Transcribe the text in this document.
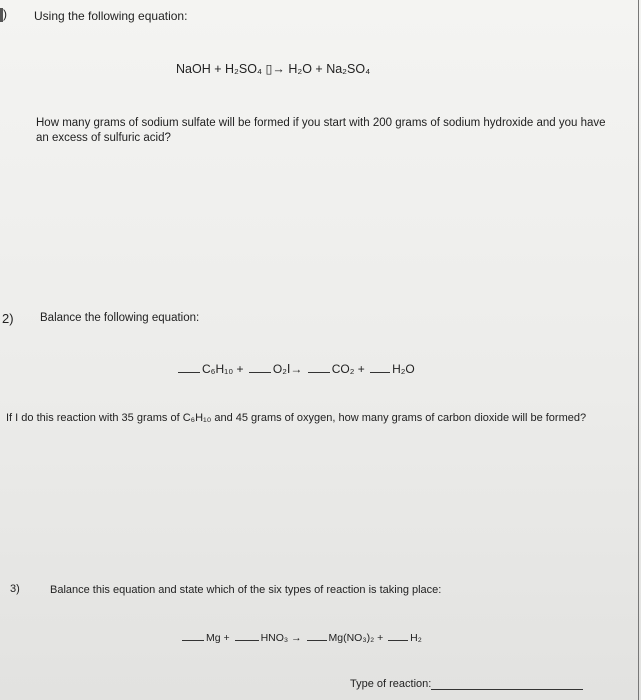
) Using the following equation:
NaOH + H₂SO₄ ▯→ H₂O + Na₂SO₄
How many grams of sodium sulfate will be formed if you start with 200 grams of sodium hydroxide and you have
an excess of sulfuric acid?
2) Balance the following equation:
C₆H₁₀ + O₂Ⅰ→ CO₂ + H₂O
If I do this reaction with 35 grams of C₆H₁₀ and 45 grams of oxygen, how many grams of carbon dioxide will be formed?
3)	Balance this equation and state which of the six types of reaction is taking place:
Mg +	HNO₃ →	Mg(NO₃)₂ +	H₂
Type of reaction:
